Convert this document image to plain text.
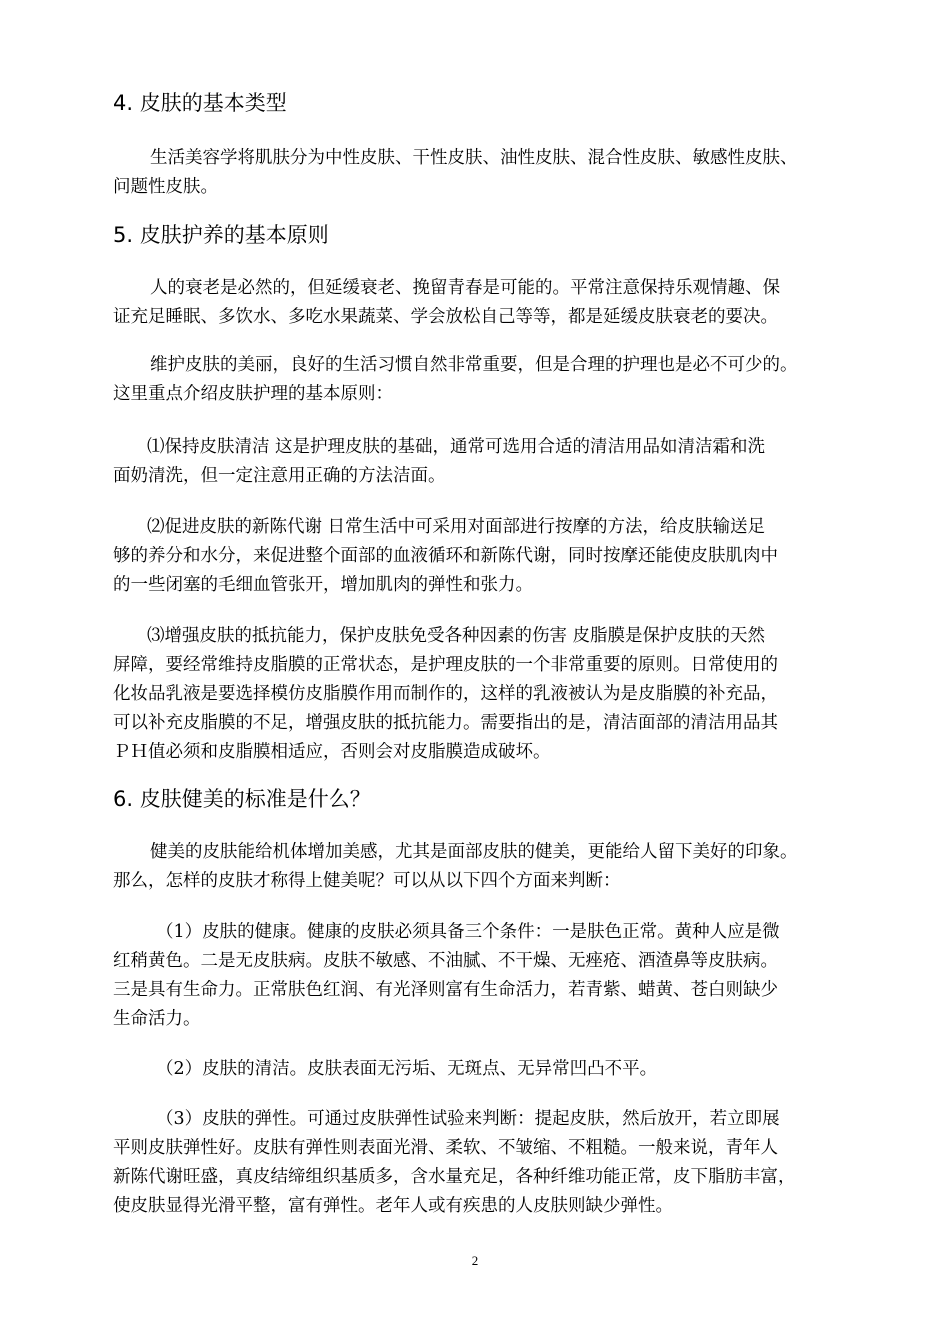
4. 皮肤的基本类型
生活美容学将肌肤分为中性皮肤、干性皮肤、油性皮肤、混合性皮肤、敏感性皮肤、
问题性皮肤。
5. 皮肤护养的基本原则
人的衰老是必然的，但延缓衰老、挽留青春是可能的。平常注意保持乐观情趣、保
证充足睡眠、多饮水、多吃水果蔬菜、学会放松自己等等，都是延缓皮肤衰老的要决。
维护皮肤的美丽，良好的生活习惯自然非常重要，但是合理的护理也是必不可少的。
这里重点介绍皮肤护理的基本原则：
⑴保持皮肤清洁 这是护理皮肤的基础，通常可选用合适的清洁用品如清洁霜和洗
面奶清洗，但一定注意用正确的方法洁面。
⑵促进皮肤的新陈代谢 日常生活中可采用对面部进行按摩的方法，给皮肤输送足
够的养分和水分，来促进整个面部的血液循环和新陈代谢，同时按摩还能使皮肤肌肉中
的一些闭塞的毛细血管张开，增加肌肉的弹性和张力。
⑶增强皮肤的抵抗能力，保护皮肤免受各种因素的伤害 皮脂膜是保护皮肤的天然
屏障，要经常维持皮脂膜的正常状态，是护理皮肤的一个非常重要的原则。日常使用的
化妆品乳液是要选择模仿皮脂膜作用而制作的，这样的乳液被认为是皮脂膜的补充品，
可以补充皮脂膜的不足，增强皮肤的抵抗能力。需要指出的是，清洁面部的清洁用品其
ＰＨ值必须和皮脂膜相适应，否则会对皮脂膜造成破坏。
6. 皮肤健美的标准是什么？
健美的皮肤能给机体增加美感，尤其是面部皮肤的健美，更能给人留下美好的印象。
那么，怎样的皮肤才称得上健美呢？可以从以下四个方面来判断：
（1）皮肤的健康。健康的皮肤必须具备三个条件：一是肤色正常。黄种人应是微
红稍黄色。二是无皮肤病。皮肤不敏感、不油腻、不干燥、无痤疮、酒渣鼻等皮肤病。
三是具有生命力。正常肤色红润、有光泽则富有生命活力，若青紫、蜡黄、苍白则缺少
生命活力。
（2）皮肤的清洁。皮肤表面无污垢、无斑点、无异常凹凸不平。
（3）皮肤的弹性。可通过皮肤弹性试验来判断：提起皮肤，然后放开，若立即展
平则皮肤弹性好。皮肤有弹性则表面光滑、柔软、不皱缩、不粗糙。一般来说，青年人
新陈代谢旺盛，真皮结缔组织基质多，含水量充足，各种纤维功能正常，皮下脂肪丰富，
使皮肤显得光滑平整，富有弹性。老年人或有疾患的人皮肤则缺少弹性。
2
